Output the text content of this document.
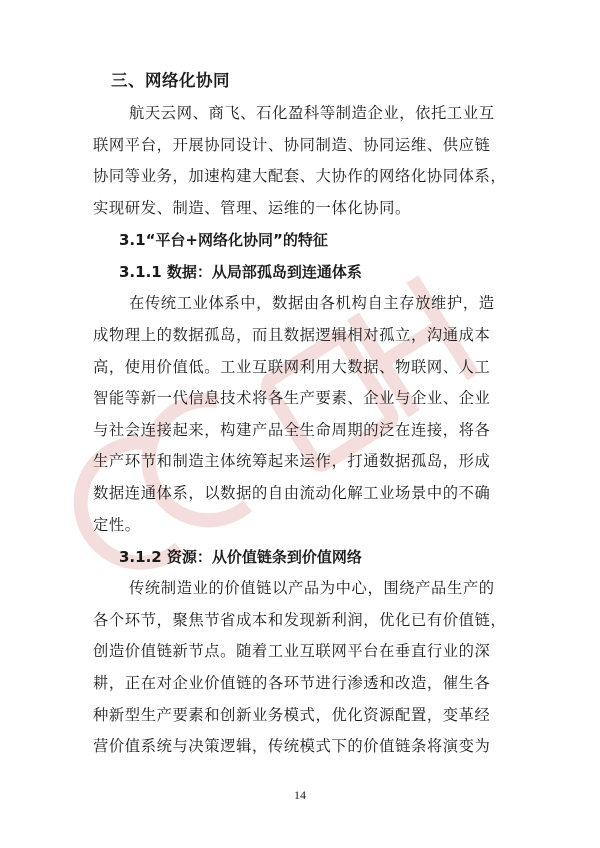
三、网络化协同

航天云网、商飞、石化盈科等制造企业，依托工业互
联网平台，开展协同设计、协同制造、协同运维、供应链
协同等业务，加速构建大配套、大协作的网络化协同体系，
实现研发、制造、管理、运维的一体化协同。

3.1“平台+网络化协同”的特征
3.1.1 数据：从局部孤岛到连通体系

在传统工业体系中，数据由各机构自主存放维护，造
成物理上的数据孤岛，而且数据逻辑相对孤立，沟通成本
高，使用价值低。工业互联网利用大数据、物联网、人工
智能等新一代信息技术将各生产要素、企业与企业、企业
与社会连接起来，构建产品全生命周期的泛在连接，将各
生产环节和制造主体统筹起来运作，打通数据孤岛，形成
数据连通体系，以数据的自由流动化解工业场景中的不确
定性。

3.1.2 资源：从价值链条到价值网络

传统制造业的价值链以产品为中心，围绕产品生产的
各个环节，聚焦节省成本和发现新利润，优化已有价值链，
创造价值链新节点。随着工业互联网平台在垂直行业的深
耕，正在对企业价值链的各环节进行渗透和改造，催生各
种新型生产要素和创新业务模式，优化资源配置，变革经
营价值系统与决策逻辑，传统模式下的价值链条将演变为

14
